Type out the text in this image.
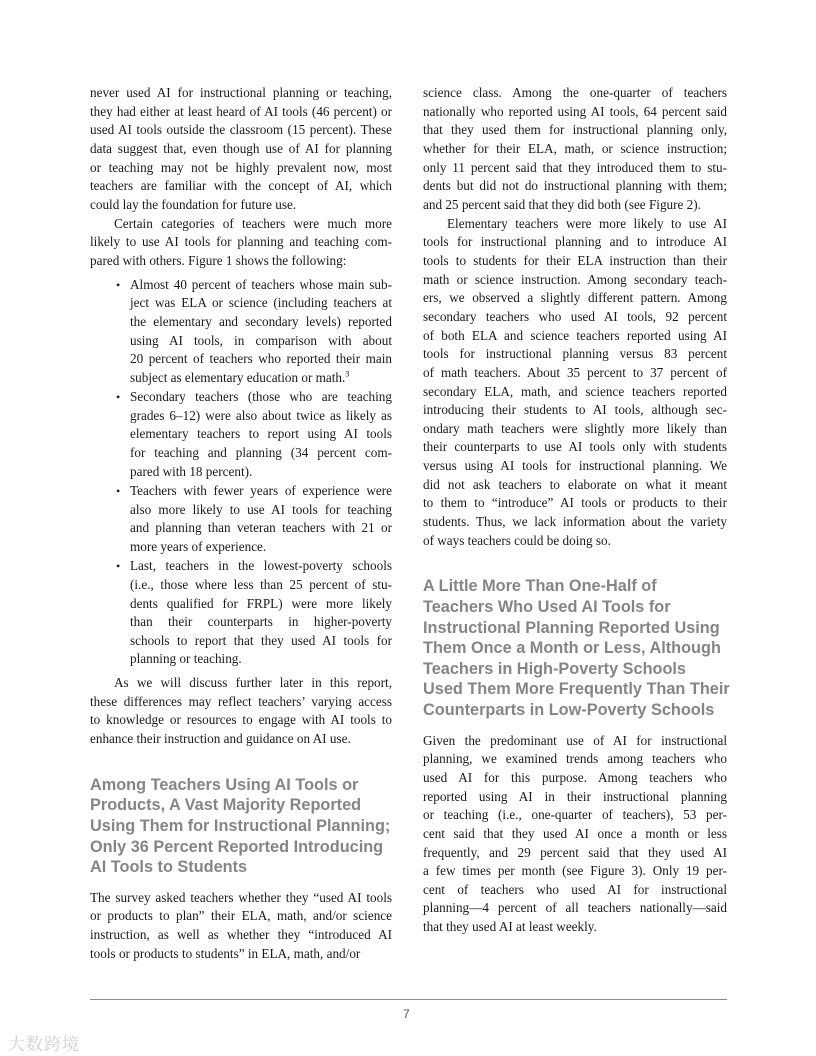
never used AI for instructional planning or teaching,
they had either at least heard of AI tools (46 percent) or
used AI tools outside the classroom (15 percent). These
data suggest that, even though use of AI for planning
or teaching may not be highly prevalent now, most
teachers are familiar with the concept of AI, which
could lay the foundation for future use.
Certain categories of teachers were much more
likely to use AI tools for planning and teaching com-
pared with others. Figure 1 shows the following:
• Almost 40 percent of teachers whose main sub-
ject was ELA or science (including teachers at
the elementary and secondary levels) reported
using AI tools, in comparison with about
20 percent of teachers who reported their main
subject as elementary education or math.$^3$
• Secondary teachers (those who are teaching
grades 6–12) were also about twice as likely as
elementary teachers to report using AI tools
for teaching and planning (34 percent com-
pared with 18 percent).
• Teachers with fewer years of experience were
also more likely to use AI tools for teaching
and planning than veteran teachers with 21 or
more years of experience.
• Last, teachers in the lowest-poverty schools
(i.e., those where less than 25 percent of stu-
dents qualified for FRPL) were more likely
than their counterparts in higher-poverty
schools to report that they used AI tools for
planning or teaching.
As we will discuss further later in this report,
these differences may reflect teachers’ varying access
to knowledge or resources to engage with AI tools to
enhance their instruction and guidance on AI use.
Among Teachers Using AI Tools or
Products, A Vast Majority Reported
Using Them for Instructional Planning;
Only 36 Percent Reported Introducing
AI Tools to Students
The survey asked teachers whether they “used AI tools
or products to plan” their ELA, math, and/or science
instruction, as well as whether they “introduced AI
tools or products to students” in ELA, math, and/or
science class. Among the one-quarter of teachers
nationally who reported using AI tools, 64 percent said
that they used them for instructional planning only,
whether for their ELA, math, or science instruction;
only 11 percent said that they introduced them to stu-
dents but did not do instructional planning with them;
and 25 percent said that they did both (see Figure 2).
Elementary teachers were more likely to use AI
tools for instructional planning and to introduce AI
tools to students for their ELA instruction than their
math or science instruction. Among secondary teach-
ers, we observed a slightly different pattern. Among
secondary teachers who used AI tools, 92 percent
of both ELA and science teachers reported using AI
tools for instructional planning versus 83 percent
of math teachers. About 35 percent to 37 percent of
secondary ELA, math, and science teachers reported
introducing their students to AI tools, although sec-
ondary math teachers were slightly more likely than
their counterparts to use AI tools only with students
versus using AI tools for instructional planning. We
did not ask teachers to elaborate on what it meant
to them to “introduce” AI tools or products to their
students. Thus, we lack information about the variety
of ways teachers could be doing so.
A Little More Than One-Half of
Teachers Who Used AI Tools for
Instructional Planning Reported Using
Them Once a Month or Less, Although
Teachers in High-Poverty Schools
Used Them More Frequently Than Their
Counterparts in Low-Poverty Schools
Given the predominant use of AI for instructional
planning, we examined trends among teachers who
used AI for this purpose. Among teachers who
reported using AI in their instructional planning
or teaching (i.e., one-quarter of teachers), 53 per-
cent said that they used AI once a month or less
frequently, and 29 percent said that they used AI
a few times per month (see Figure 3). Only 19 per-
cent of teachers who used AI for instructional
planning—4 percent of all teachers nationally—said
that they used AI at least weekly.
7
大数跨境
